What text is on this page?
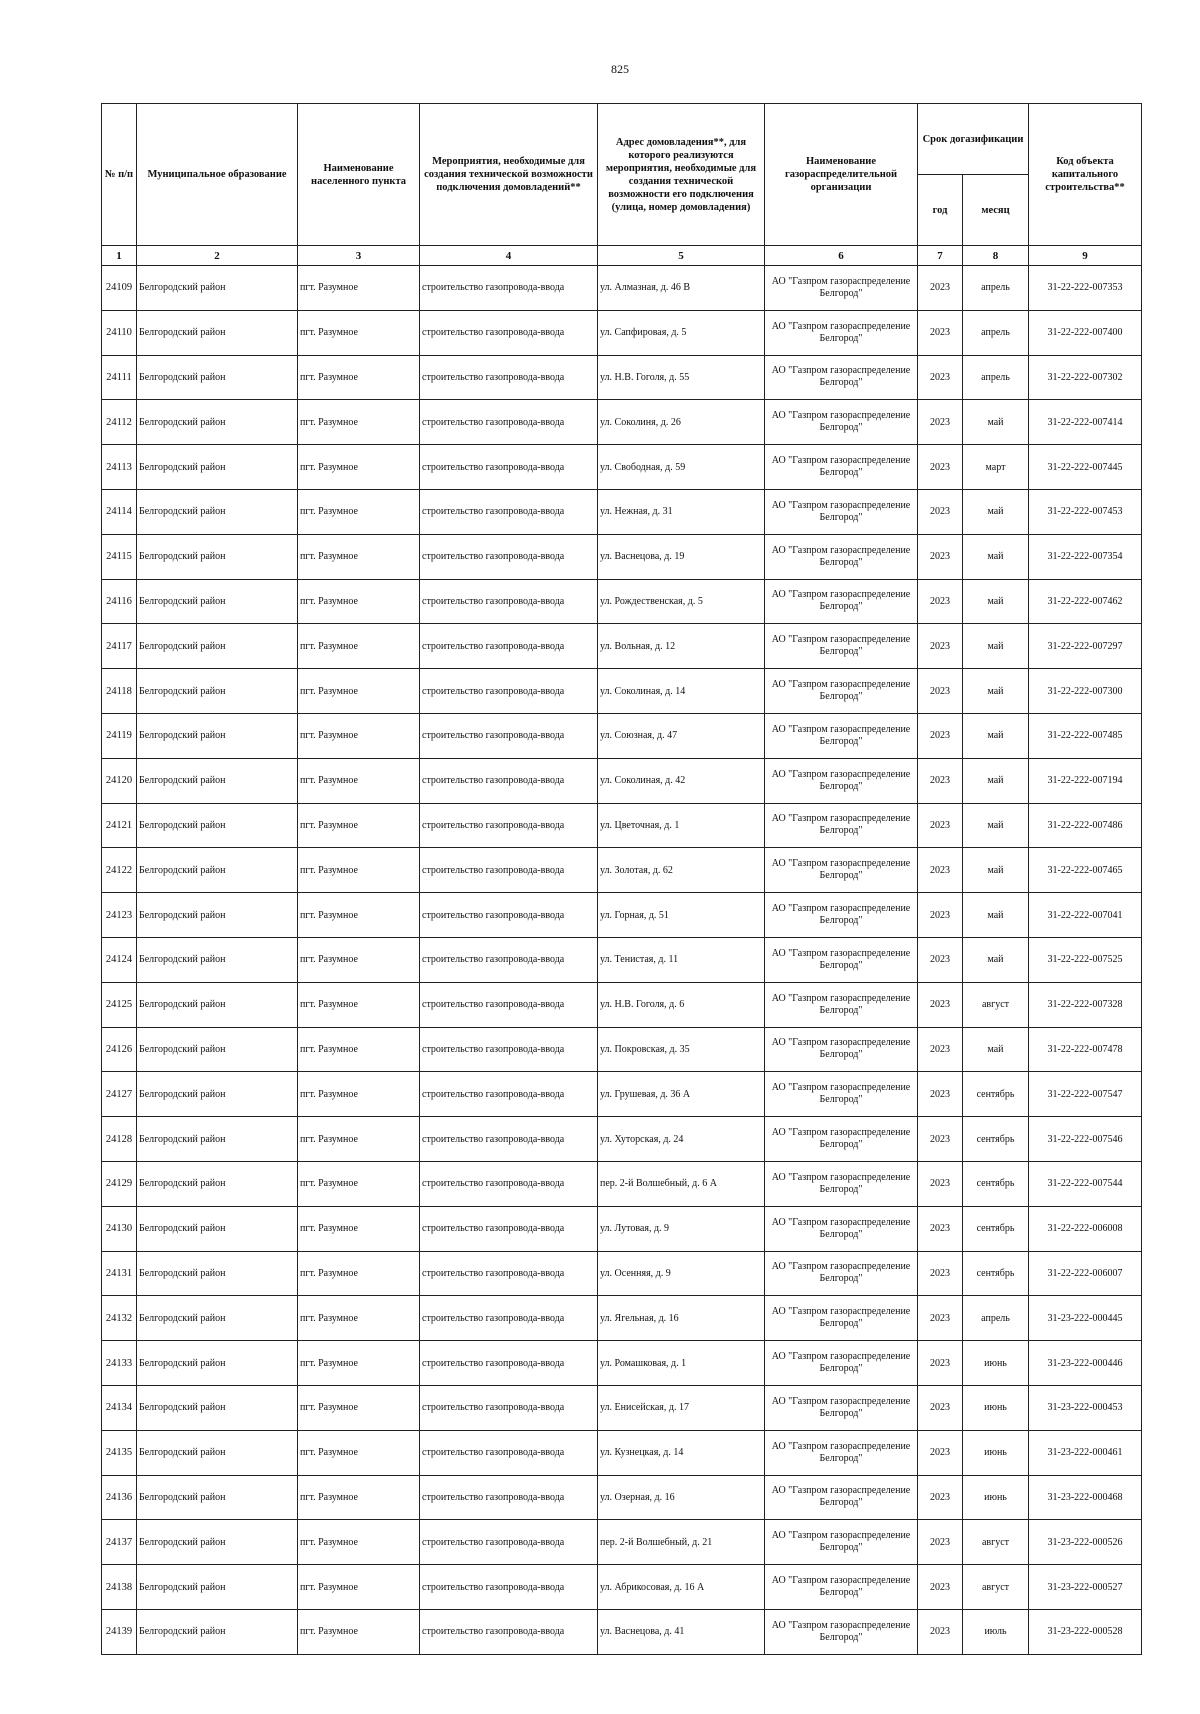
825
№ п/п	Муниципальное образование	Наименование населенного пункта	Мероприятия, необходимые для создания технической возможности подключения домовладений**	Адрес домовладения**, для которого реализуются мероприятия, необходимые для создания технической возможности его подключения (улица, номер домовладения)	Наименование газораспределительной организации	Срок догазификации		Код объекта капитального строительства**
						год	месяц	
1	2	3	4	5	6	7	8	9
24109	Белгородский район	пгт. Разумное	строительство газопровода-ввода	ул. Алмазная, д. 46 В	АО "Газпром газораспределение Белгород"	2023	апрель	31-22-222-007353
24110	Белгородский район	пгт. Разумное	строительство газопровода-ввода	ул. Сапфировая, д. 5	АО "Газпром газораспределение Белгород"	2023	апрель	31-22-222-007400
24111	Белгородский район	пгт. Разумное	строительство газопровода-ввода	ул. Н.В. Гоголя, д. 55	АО "Газпром газораспределение Белгород"	2023	апрель	31-22-222-007302
24112	Белгородский район	пгт. Разумное	строительство газопровода-ввода	ул. Соколиня, д. 26	АО "Газпром газораспределение Белгород"	2023	май	31-22-222-007414
24113	Белгородский район	пгт. Разумное	строительство газопровода-ввода	ул. Свободная, д. 59	АО "Газпром газораспределение Белгород"	2023	март	31-22-222-007445
24114	Белгородский район	пгт. Разумное	строительство газопровода-ввода	ул. Нежная, д. 31	АО "Газпром газораспределение Белгород"	2023	май	31-22-222-007453
24115	Белгородский район	пгт. Разумное	строительство газопровода-ввода	ул. Васнецова, д. 19	АО "Газпром газораспределение Белгород"	2023	май	31-22-222-007354
24116	Белгородский район	пгт. Разумное	строительство газопровода-ввода	ул. Рождественская, д. 5	АО "Газпром газораспределение Белгород"	2023	май	31-22-222-007462
24117	Белгородский район	пгт. Разумное	строительство газопровода-ввода	ул. Вольная, д. 12	АО "Газпром газораспределение Белгород"	2023	май	31-22-222-007297
24118	Белгородский район	пгт. Разумное	строительство газопровода-ввода	ул. Соколиная, д. 14	АО "Газпром газораспределение Белгород"	2023	май	31-22-222-007300
24119	Белгородский район	пгт. Разумное	строительство газопровода-ввода	ул. Союзная, д. 47	АО "Газпром газораспределение Белгород"	2023	май	31-22-222-007485
24120	Белгородский район	пгт. Разумное	строительство газопровода-ввода	ул. Соколиная, д. 42	АО "Газпром газораспределение Белгород"	2023	май	31-22-222-007194
24121	Белгородский район	пгт. Разумное	строительство газопровода-ввода	ул. Цветочная, д. 1	АО "Газпром газораспределение Белгород"	2023	май	31-22-222-007486
24122	Белгородский район	пгт. Разумное	строительство газопровода-ввода	ул. Золотая, д. 62	АО "Газпром газораспределение Белгород"	2023	май	31-22-222-007465
24123	Белгородский район	пгт. Разумное	строительство газопровода-ввода	ул. Горная, д. 51	АО "Газпром газораспределение Белгород"	2023	май	31-22-222-007041
24124	Белгородский район	пгт. Разумное	строительство газопровода-ввода	ул. Тенистая, д. 11	АО "Газпром газораспределение Белгород"	2023	май	31-22-222-007525
24125	Белгородский район	пгт. Разумное	строительство газопровода-ввода	ул. Н.В. Гоголя, д. 6	АО "Газпром газораспределение Белгород"	2023	август	31-22-222-007328
24126	Белгородский район	пгт. Разумное	строительство газопровода-ввода	ул. Покровская, д. 35	АО "Газпром газораспределение Белгород"	2023	май	31-22-222-007478
24127	Белгородский район	пгт. Разумное	строительство газопровода-ввода	ул. Грушевая, д. 36 А	АО "Газпром газораспределение Белгород"	2023	сентябрь	31-22-222-007547
24128	Белгородский район	пгт. Разумное	строительство газопровода-ввода	ул. Хуторская, д. 24	АО "Газпром газораспределение Белгород"	2023	сентябрь	31-22-222-007546
24129	Белгородский район	пгт. Разумное	строительство газопровода-ввода	пер. 2-й Волшебный, д. 6 А	АО "Газпром газораспределение Белгород"	2023	сентябрь	31-22-222-007544
24130	Белгородский район	пгт. Разумное	строительство газопровода-ввода	ул. Лутовая, д. 9	АО "Газпром газораспределение Белгород"	2023	сентябрь	31-22-222-006008
24131	Белгородский район	пгт. Разумное	строительство газопровода-ввода	ул. Осенняя, д. 9	АО "Газпром газораспределение Белгород"	2023	сентябрь	31-22-222-006007
24132	Белгородский район	пгт. Разумное	строительство газопровода-ввода	ул. Ягельная, д. 16	АО "Газпром газораспределение Белгород"	2023	апрель	31-23-222-000445
24133	Белгородский район	пгт. Разумное	строительство газопровода-ввода	ул. Ромашковая, д. 1	АО "Газпром газораспределение Белгород"	2023	июнь	31-23-222-000446
24134	Белгородский район	пгт. Разумное	строительство газопровода-ввода	ул. Енисейская, д. 17	АО "Газпром газораспределение Белгород"	2023	июнь	31-23-222-000453
24135	Белгородский район	пгт. Разумное	строительство газопровода-ввода	ул. Кузнецкая, д. 14	АО "Газпром газораспределение Белгород"	2023	июнь	31-23-222-000461
24136	Белгородский район	пгт. Разумное	строительство газопровода-ввода	ул. Озерная, д. 16	АО "Газпром газораспределение Белгород"	2023	июнь	31-23-222-000468
24137	Белгородский район	пгт. Разумное	строительство газопровода-ввода	пер. 2-й Волшебный, д. 21	АО "Газпром газораспределение Белгород"	2023	август	31-23-222-000526
24138	Белгородский район	пгт. Разумное	строительство газопровода-ввода	ул. Абрикосовая, д. 16 А	АО "Газпром газораспределение Белгород"	2023	август	31-23-222-000527
24139	Белгородский район	пгт. Разумное	строительство газопровода-ввода	ул. Васнецова, д. 41	АО "Газпром газораспределение Белгород"	2023	июль	31-23-222-000528
